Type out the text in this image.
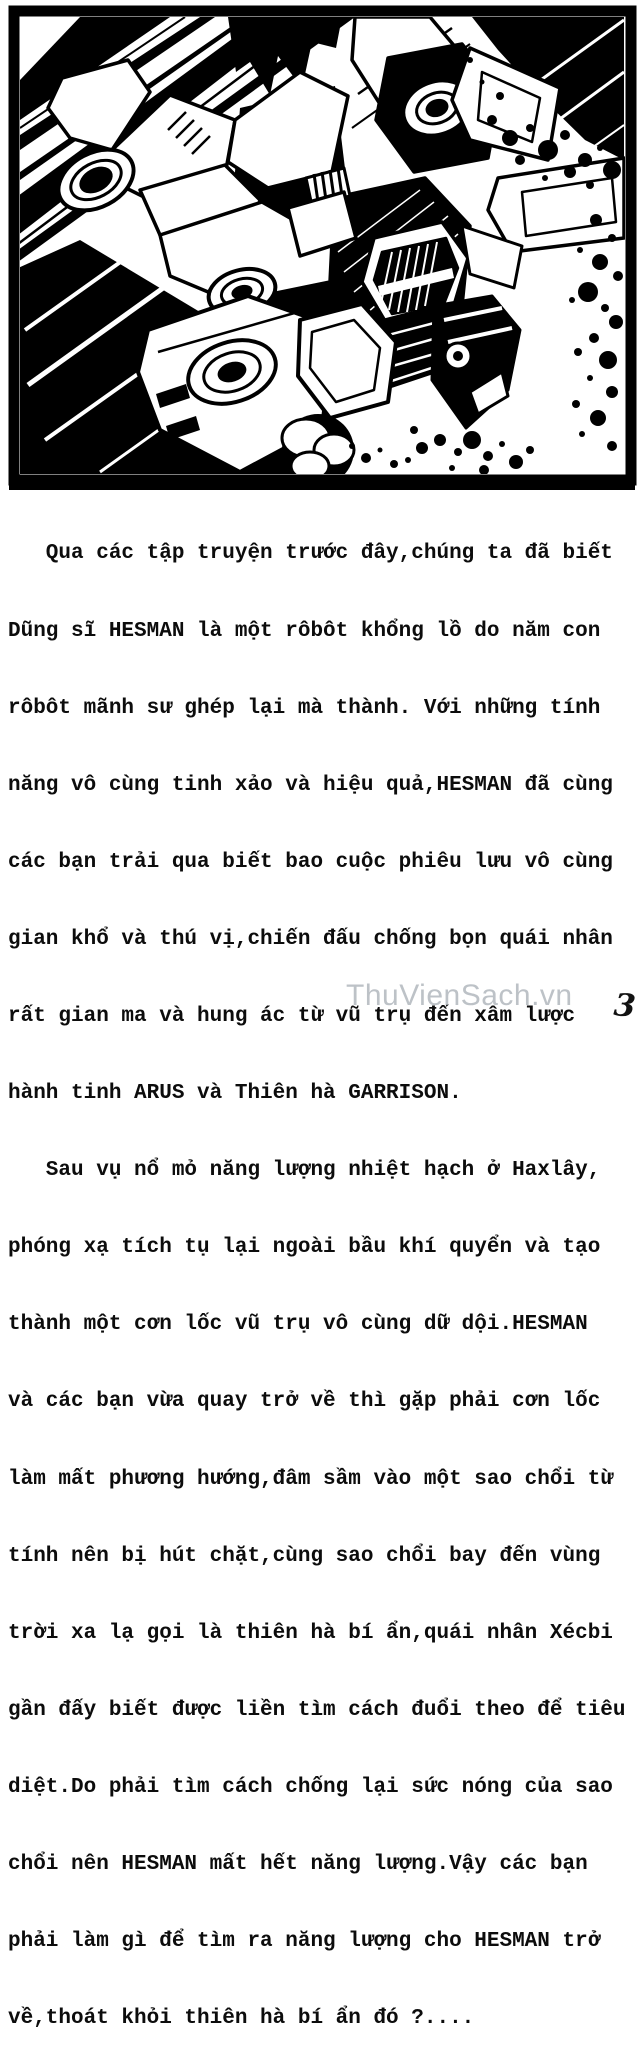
Qua các tập truyện trước đây,chúng ta đã biết

Dũng sĩ HESMAN là một rôbôt khổng lồ do năm con

rôbôt mãnh sư ghép lại mà thành. Với những tính

năng vô cùng tinh xảo và hiệu quả,HESMAN đã cùng

các bạn trải qua biết bao cuộc phiêu lưu vô cùng

gian khổ và thú vị,chiến đấu chống bọn quái nhân

rất gian ma và hung ác từ vũ trụ đến xâm lược

hành tinh ARUS và Thiên hà GARRISON.

Sau vụ nổ mỏ năng lượng nhiệt hạch ở Haxlây,

phóng xạ tích tụ lại ngoài bầu khí quyển và tạo

thành một cơn lốc vũ trụ vô cùng dữ dội.HESMAN

và các bạn vừa quay trở về thì gặp phải cơn lốc

làm mất phương hướng,đâm sầm vào một sao chổi từ

tính nên bị hút chặt,cùng sao chổi bay đến vùng

trời xa lạ gọi là thiên hà bí ẩn,quái nhân Xécbi

gần đấy biết được liền tìm cách đuổi theo để tiêu

diệt.Do phải tìm cách chống lại sức nóng của sao

chổi nên HESMAN mất hết năng lượng.Vậy các bạn

phải làm gì để tìm ra năng lượng cho HESMAN trở

về,thoát khỏi thiên hà bí ẩn đó ?....

ThuVienSach.vn 3
